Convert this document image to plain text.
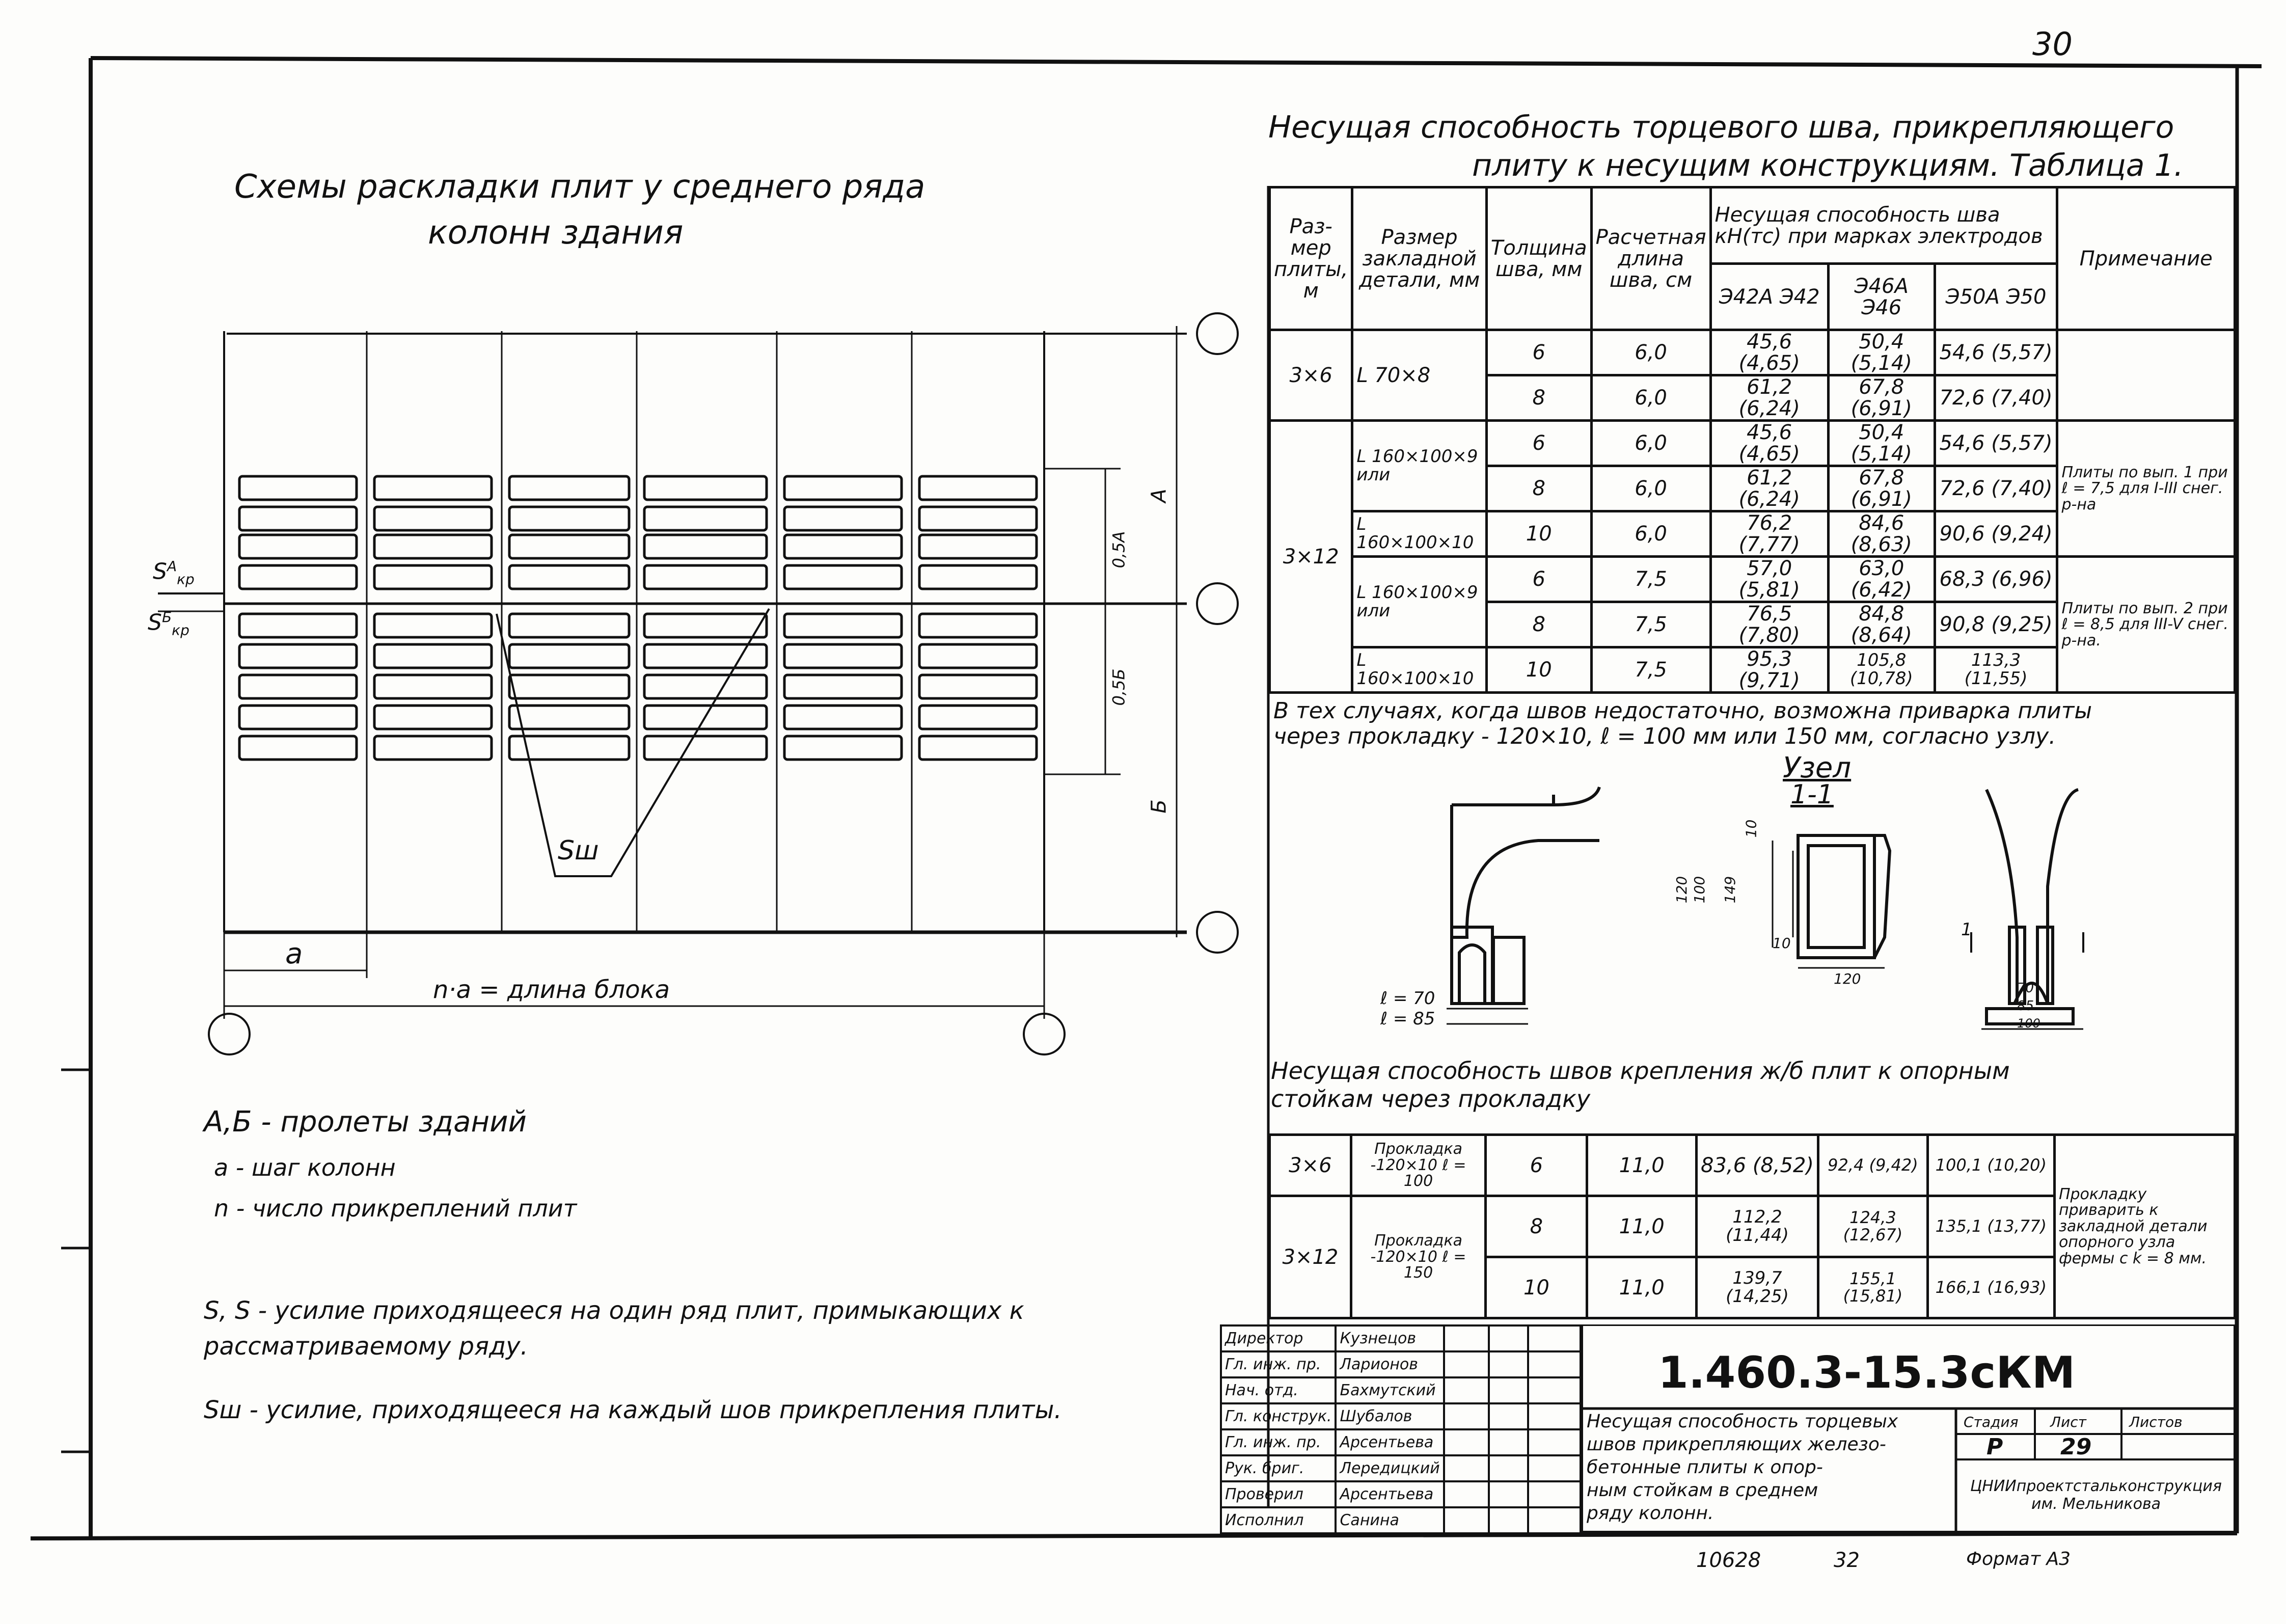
30
Схемы раскладки плит у среднего ряда
колонн здания
А
Б
0,5А
0,5Б
Sш
а
n·a = длина блока
$S^А_{кр}$
$S^Б_{кр}$
А,Б - пролеты зданий
а - шаг колонн
n - число прикреплений плит
S, S - усилие приходящееся на один ряд плит, примыкающих к
рассматриваемому ряду.
Sш - усилие, приходящееся на каждый шов прикрепления плиты.
Несущая способность торцевого шва, прикрепляющего
плиту к несущим конструкциям. Таблица 1.
Раз- мер плиты, м	Размер закладной детали, мм	Толщина шва, мм	Расчетная длина шва, см	Несущая способность шва кН(тс) при марках электродов			Примечание
				Э42А Э42	Э46А Э46	Э50А Э50	
3×6	L 70×8	6	6,0	45,6 (4,65)	50,4 (5,14)	54,6 (5,57)	
		8	6,0	61,2 (6,24)	67,8 (6,91)	72,6 (7,40)	
3×12	L 160×100×9 или	6	6,0	45,6 (4,65)	50,4 (5,14)	54,6 (5,57)	Плиты по вып. 1 при ℓ = 7,5 для I-III снег. р-на
		8	6,0	61,2 (6,24)	67,8 (6,91)	72,6 (7,40)	
	L 160×100×10	10	6,0	76,2 (7,77)	84,6 (8,63)	90,6 (9,24)	
	L 160×100×9 или	6	7,5	57,0 (5,81)	63,0 (6,42)	68,3 (6,96)	Плиты по вып. 2 при ℓ = 8,5 для III-V снег. р-на.
		8	7,5	76,5 (7,80)	84,8 (8,64)	90,8 (9,25)	
	L 160×100×10	10	7,5	95,3 (9,71)	105,8 (10,78)	113,3 (11,55)	
В тех случаях, когда швов недостаточно, возможна приварка плиты
через прокладку - 120×10, ℓ = 100 мм или 150 мм, согласно узлу.
Узел
1-1
ℓ = 70
ℓ = 85
10
120 100 149
10
120
70
85
100
1
Несущая способность швов крепления ж/б плит к опорным
стойкам через прокладку
3×6	Прокладка -120×10 ℓ = 100	6	11,0	83,6 (8,52)	92,4 (9,42)	100,1 (10,20)	Прокладку приварить к закладной детали опорного узла фермы с k = 8 мм.
3×12	Прокладка -120×10 ℓ = 150	8	11,0	112,2 (11,44)	124,3 (12,67)	135,1 (13,77)	
		10	11,0	139,7 (14,25)	155,1 (15,81)	166,1 (16,93)	
Директор	Кузнецов			
Гл. инж. пр.	Ларионов			
Нач. отд.	Бахмутский			
Гл. конструк.	Шубалов			
Гл. инж. пр.	Арсентьева			
Рук. бриг.	Лередицкий			
Проверил	Арсентьева			
Исполнил	Санина			
1.460.3-15.3сКМ
Несущая способность торцевых
швов прикрепляющих железо-
бетонные плиты к опор-
ным стойкам в среднем
ряду колонн.
Стадия Лист	Листов
Р	29
ЦНИИпроектстальконструкция им. Мельникова
10628	32	Формат А3
